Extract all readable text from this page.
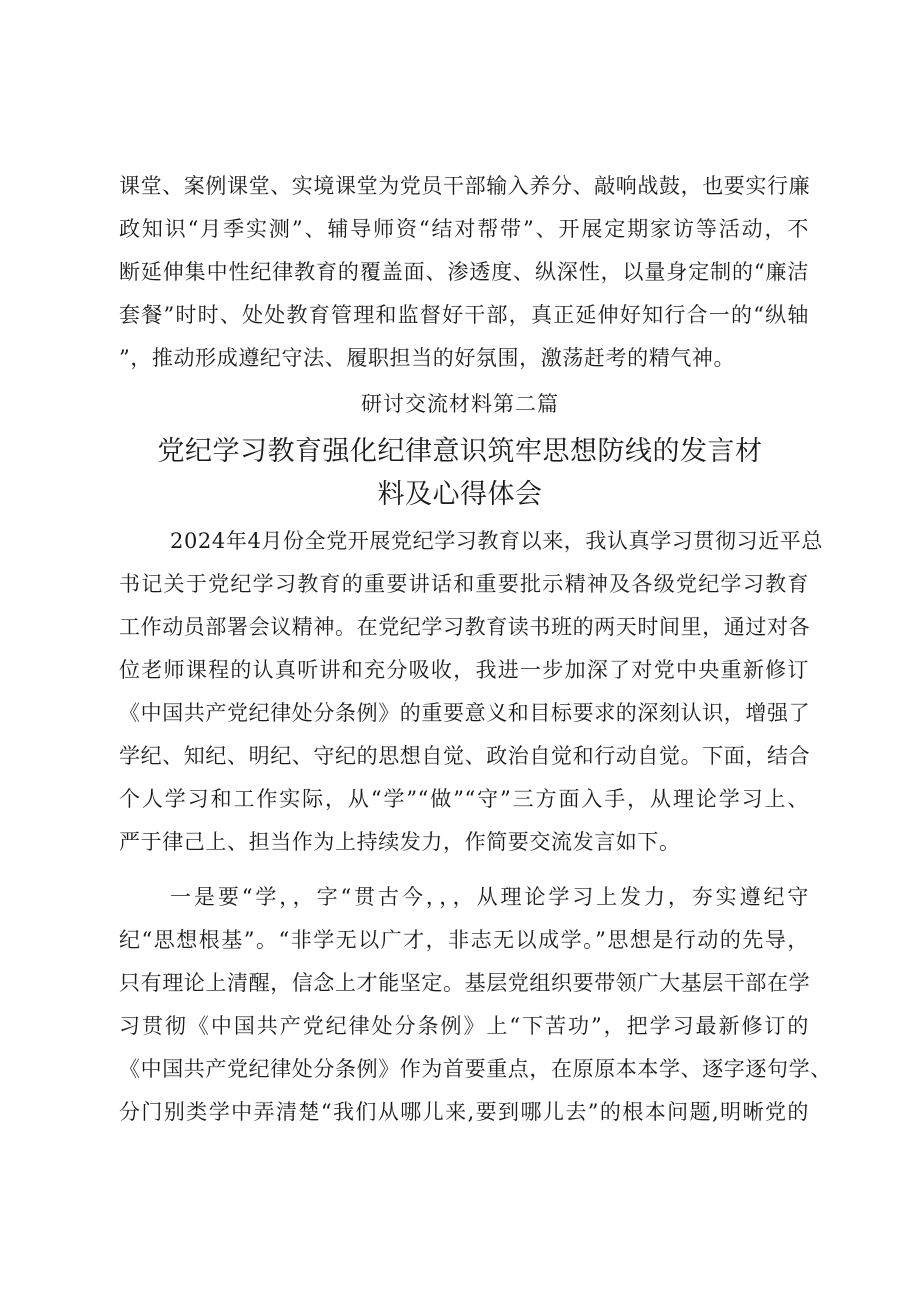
课堂、案例课堂、实境课堂为党员干部输入养分、敲响战鼓，也要实行廉
政知识“月季实测”、辅导师资“结对帮带”、开展定期家访等活动，不
断延伸集中性纪律教育的覆盖面、渗透度、纵深性，以量身定制的“廉洁
套餐”时时、处处教育管理和监督好干部，真正延伸好知行合一的“纵轴
”，推动形成遵纪守法、履职担当的好氛围，激荡赶考的精气神。
研讨交流材料第二篇
党纪学习教育强化纪律意识筑牢思想防线的发言材
料及心得体会
2024年4月份全党开展党纪学习教育以来，我认真学习贯彻习近平总
书记关于党纪学习教育的重要讲话和重要批示精神及各级党纪学习教育
工作动员部署会议精神。在党纪学习教育读书班的两天时间里，通过对各
位老师课程的认真听讲和充分吸收，我进一步加深了对党中央重新修订
《中国共产党纪律处分条例》的重要意义和目标要求的深刻认识，增强了
学纪、知纪、明纪、守纪的思想自觉、政治自觉和行动自觉。下面，结合
个人学习和工作实际，从“学”“做”“守”三方面入手，从理论学习上、
严于律己上、担当作为上持续发力，作简要交流发言如下。
一是要“学，，字“贯古今，，，从理论学习上发力，夯实遵纪守
纪“思想根基”。“非学无以广才，非志无以成学。”思想是行动的先导，
只有理论上清醒，信念上才能坚定。基层党组织要带领广大基层干部在学
习贯彻《中国共产党纪律处分条例》上“下苦功”，把学习最新修订的
《中国共产党纪律处分条例》作为首要重点，在原原本本学、逐字逐句学、
分门别类学中弄清楚“我们从哪儿来,要到哪儿去”的根本问题,明晰党的
